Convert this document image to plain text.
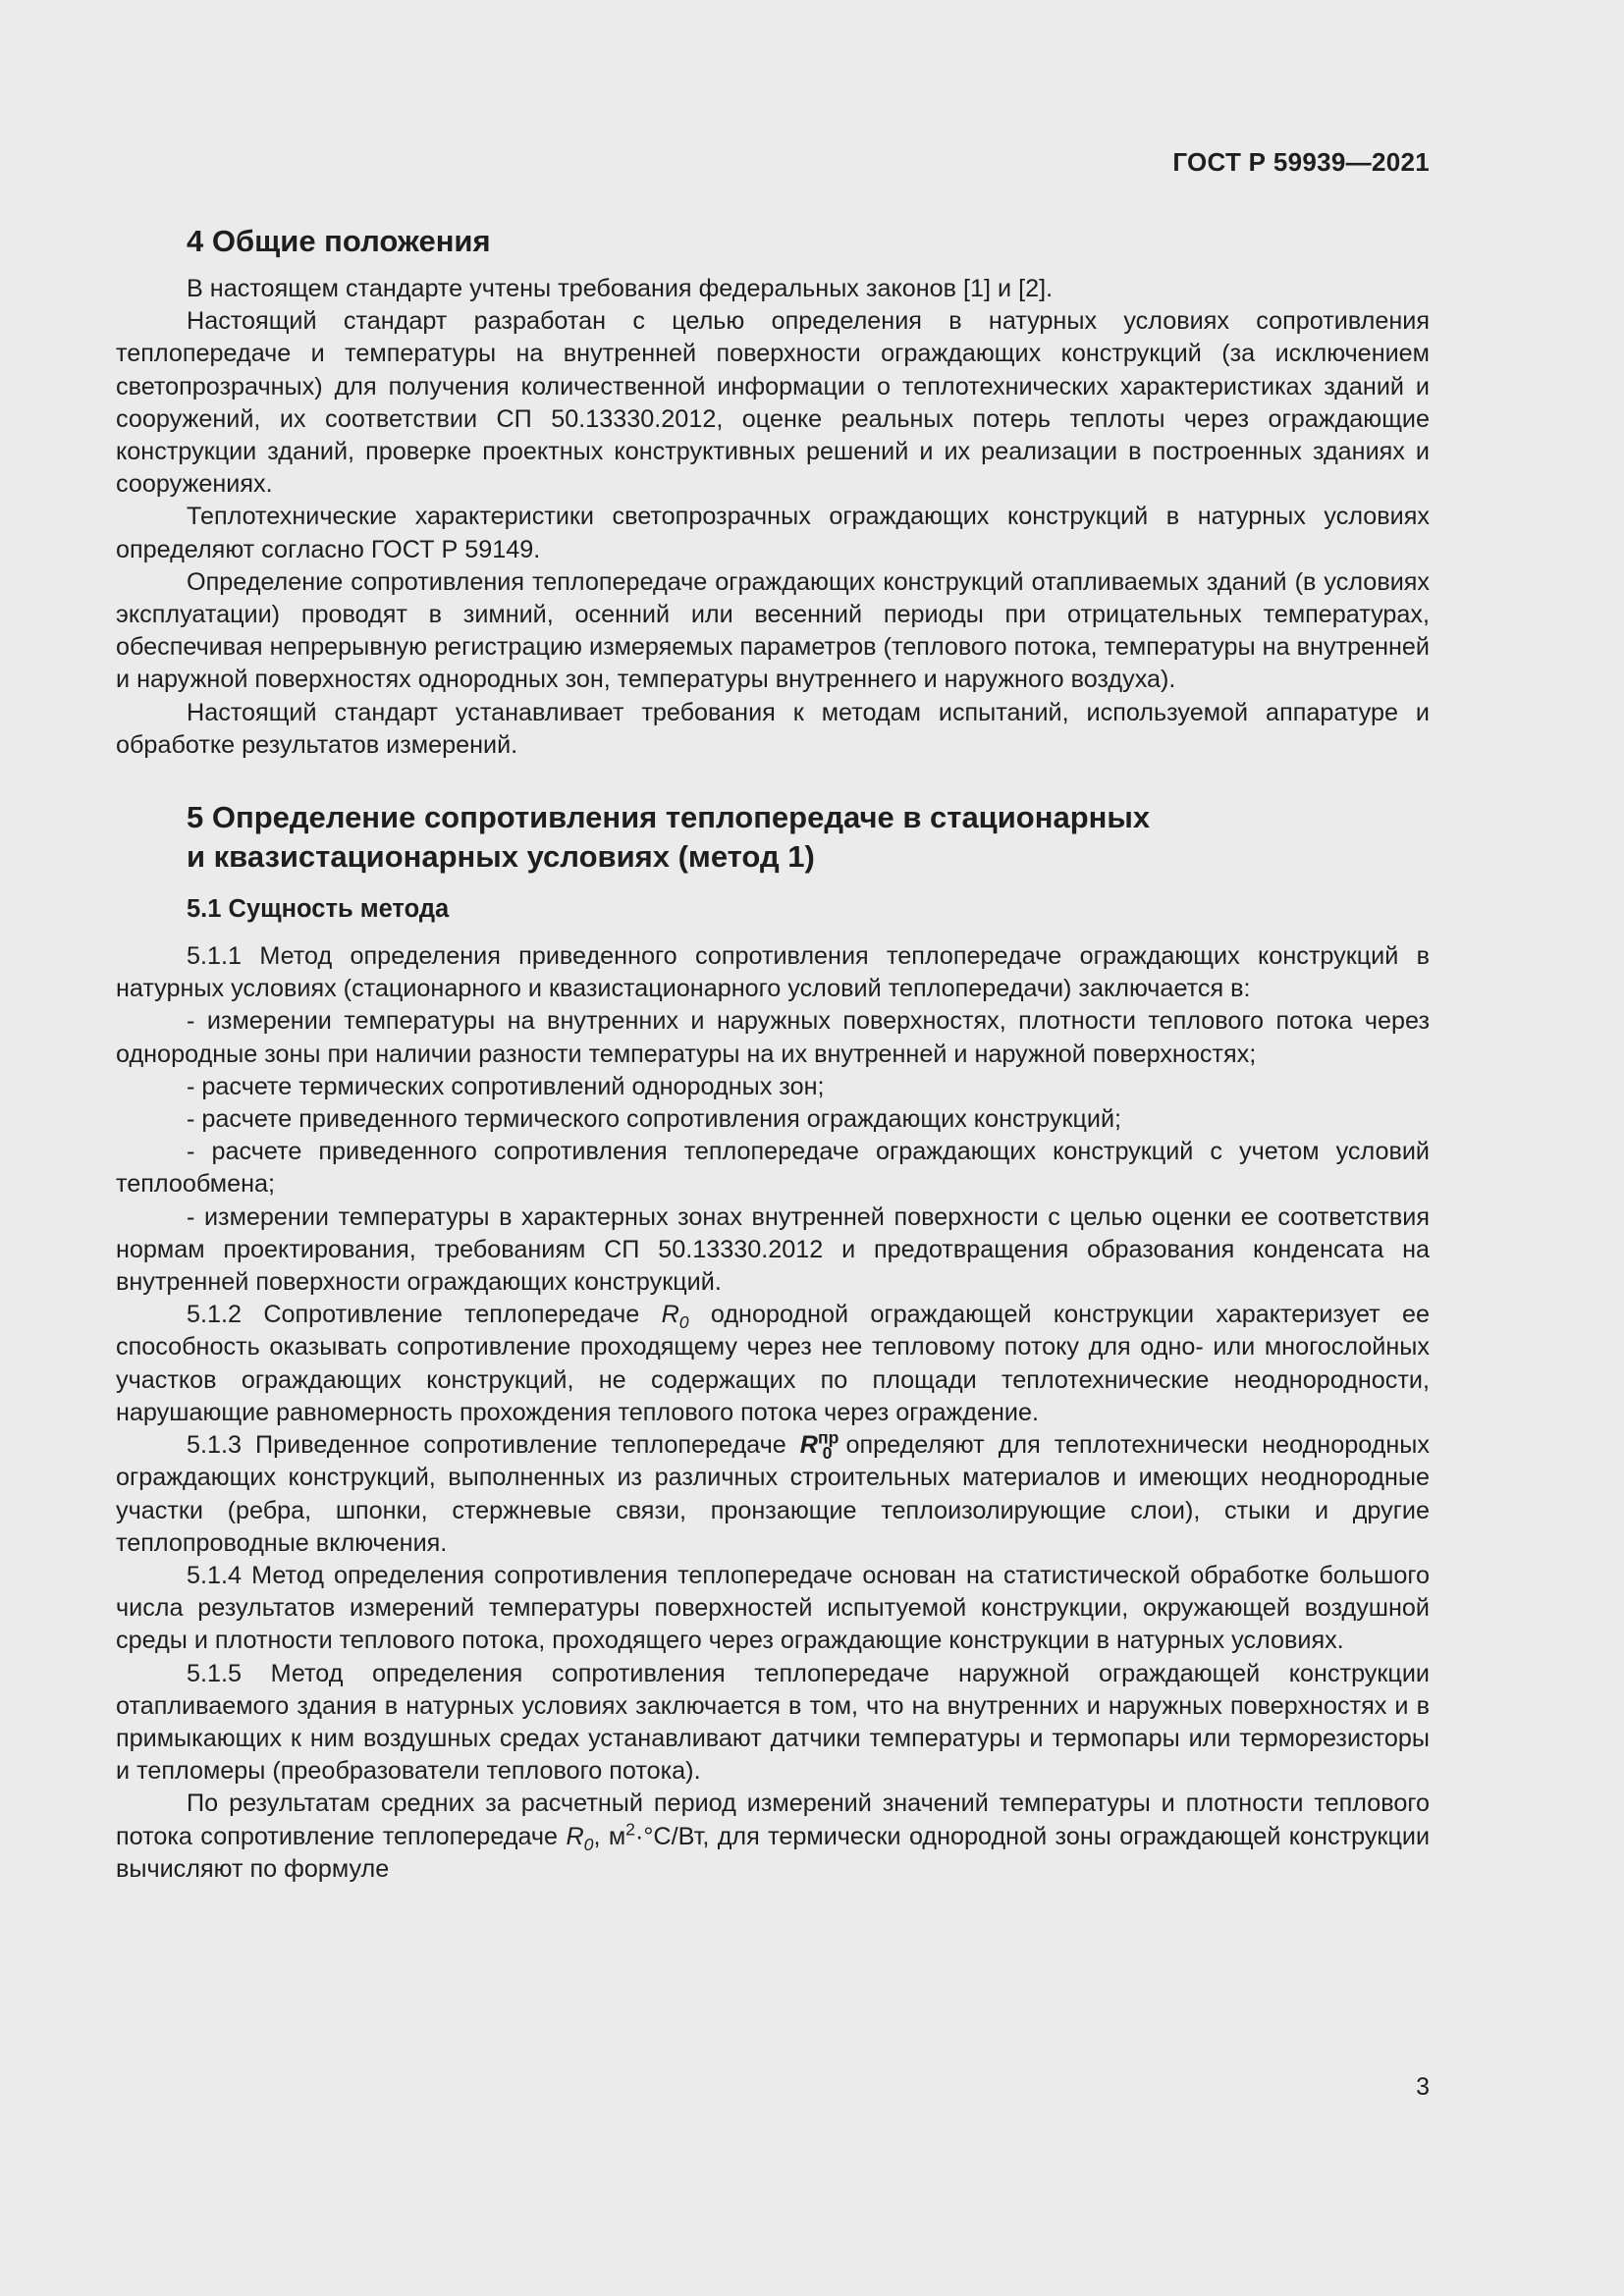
ГОСТ Р 59939—2021
4 Общие положения

В настоящем стандарте учтены требования федеральных законов [1] и [2].

Настоящий стандарт разработан с целью определения в натурных условиях сопротивления теплопередаче и температуры на внутренней поверхности ограждающих конструкций (за исключением светопрозрачных) для получения количественной информации о теплотехнических характеристиках зданий и сооружений, их соответствии СП 50.13330.2012, оценке реальных потерь теплоты через ограждающие конструкции зданий, проверке проектных конструктивных решений и их реализации в построенных зданиях и сооружениях.

Теплотехнические характеристики светопрозрачных ограждающих конструкций в натурных условиях определяют согласно ГОСТ Р 59149.

Определение сопротивления теплопередаче ограждающих конструкций отапливаемых зданий (в условиях эксплуатации) проводят в зимний, осенний или весенний периоды при отрицательных температурах, обеспечивая непрерывную регистрацию измеряемых параметров (теплового потока, температуры на внутренней и наружной поверхностях однородных зон, температуры внутреннего и наружного воздуха).

Настоящий стандарт устанавливает требования к методам испытаний, используемой аппаратуре и обработке результатов измерений.

5 Определение сопротивления теплопередаче в стационарных
и квазистационарных условиях (метод 1)
5.1 Сущность метода

5.1.1 Метод определения приведенного сопротивления теплопередаче ограждающих конструкций в натурных условиях (стационарного и квазистационарного условий теплопередачи) заключается в:

- измерении температуры на внутренних и наружных поверхностях, плотности теплового потока через однородные зоны при наличии разности температуры на их внутренней и наружной поверхностях;

- расчете термических сопротивлений однородных зон;

- расчете приведенного термического сопротивления ограждающих конструкций;

- расчете приведенного сопротивления теплопередаче ограждающих конструкций с учетом условий теплообмена;

- измерении температуры в характерных зонах внутренней поверхности с целью оценки ее соответствия нормам проектирования, требованиям СП 50.13330.2012 и предотвращения образования конденсата на внутренней поверхности ограждающих конструкций.

5.1.2 Сопротивление теплопередаче $R_0$ однородной ограждающей конструкции характеризует ее способность оказывать сопротивление проходящему через нее тепловому потоку для одно- или многослойных участков ограждающих конструкций, не содержащих по площади теплотехнические неоднородности, нарушающие равномерность прохождения теплового потока через ограждение.

5.1.3 Приведенное сопротивление теплопередаче $R^{пр}_0$ определяют для теплотехнически неоднородных ограждающих конструкций, выполненных из различных строительных материалов и имеющих неоднородные участки (ребра, шпонки, стержневые связи, пронзающие теплоизолирующие слои), стыки и другие теплопроводные включения.

5.1.4 Метод определения сопротивления теплопередаче основан на статистической обработке большого числа результатов измерений температуры поверхностей испытуемой конструкции, окружающей воздушной среды и плотности теплового потока, проходящего через ограждающие конструкции в натурных условиях.

5.1.5 Метод определения сопротивления теплопередаче наружной ограждающей конструкции отапливаемого здания в натурных условиях заключается в том, что на внутренних и наружных поверхностях и в примыкающих к ним воздушных средах устанавливают датчики температуры и термопары или терморезисторы и тепломеры (преобразователи теплового потока).

По результатам средних за расчетный период измерений значений температуры и плотности теплового потока сопротивление теплопередаче $R_0$, $м^2\cdot^\circ С/Вт$, для термически однородной зоны ограждающей конструкции вычисляют по формуле

3
